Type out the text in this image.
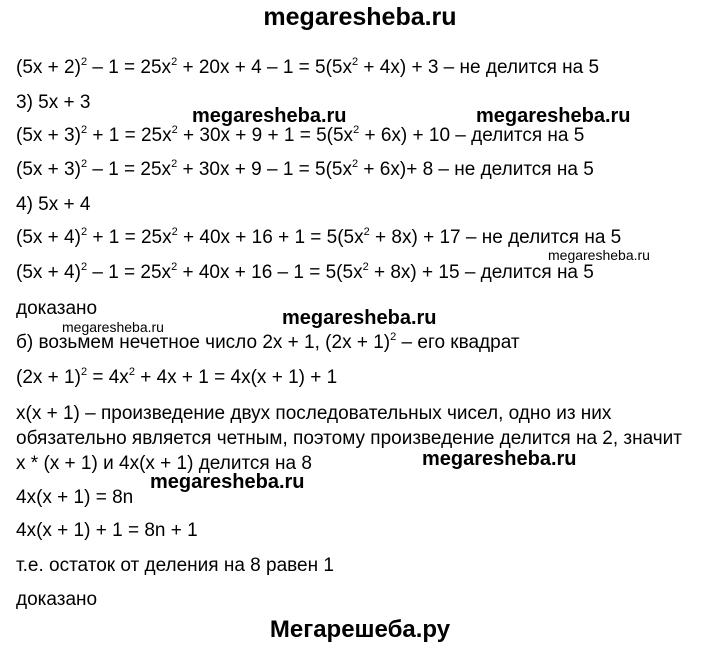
megaresheba.ru
$(5x + 2)^2 - 1 = 25x^2 + 20x + 4 - 1 = 5(5x^2 + 4x) + 3$ – не делится на 5
3) 5x + 3
$(5x + 3)^2 + 1 = 25x^2 + 30x + 9 + 1 = 5(5x^2 + 6x) + 10$ – делится на 5
$(5x + 3)^2 - 1 = 25x^2 + 30x + 9 - 1 = 5(5x^2 + 6x)+ 8$ – не делится на 5
4) 5x + 4
$(5x + 4)^2 + 1 = 25x^2 + 40x + 16 + 1 = 5(5x^2 + 8x) + 17$ – не делится на 5
$(5x + 4)^2 - 1 = 25x^2 + 40x + 16 - 1 = 5(5x^2 + 8x) + 15$ – делится на 5
доказано
б) возьмем нечетное число 2x + 1, $(2x + 1)^2$ – его квадрат
$(2x + 1)^2 = 4x^2 + 4x + 1 = 4x(x + 1) + 1$
x(x + 1) – произведение двух последовательных чисел, одно из них
обязательно является четным, поэтому произведение делится на 2, значит
x * (x + 1) и 4x(x + 1) делится на 8
4x(x + 1) = 8n
4x(x + 1) + 1 = 8n + 1
т.е. остаток от деления на 8 равен 1
доказано
megaresheba.ru	megaresheba.ru
megaresheba.ru
megaresheba.ru
megaresheba.ru
megaresheba.ru
megaresheba.ru
Мегарешеба.ру
